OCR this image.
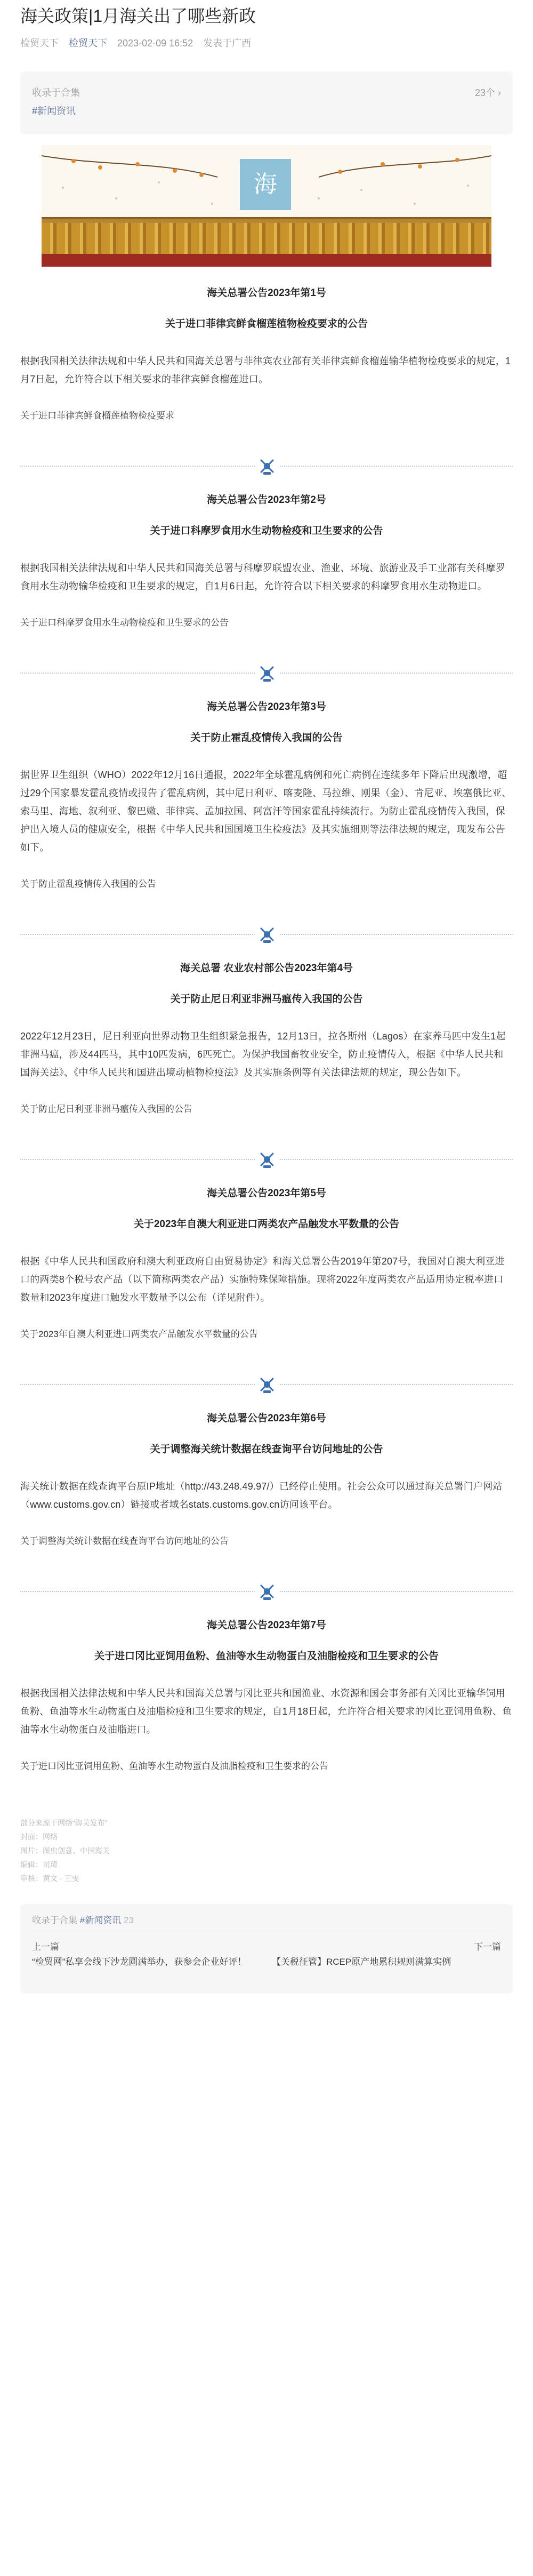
海关政策|1月海关出了哪些新政
检贸天下 检贸天下 2023-02-09 16:52 发表于广西
收录于合集
#新闻资讯
23个 ›
海
海关总署公告2023年第1号
关于进口菲律宾鲜食榴莲植物检疫要求的公告
根据我国相关法律法规和中华人民共和国海关总署与菲律宾农业部有关菲律宾鲜食榴莲输华植物检疫要求的规定，1月7日起，允许符合以下相关要求的菲律宾鲜食榴莲进口。
关于进口菲律宾鲜食榴莲植物检疫要求
海关总署公告2023年第2号
关于进口科摩罗食用水生动物检疫和卫生要求的公告
根据我国相关法律法规和中华人民共和国海关总署与科摩罗联盟农业、渔业、环境、旅游业及手工业部有关科摩罗食用水生动物输华检疫和卫生要求的规定，自1月6日起，允许符合以下相关要求的科摩罗食用水生动物进口。
关于进口科摩罗食用水生动物检疫和卫生要求的公告
海关总署公告2023年第3号
关于防止霍乱疫情传入我国的公告
据世界卫生组织（WHO）2022年12月16日通报，2022年全球霍乱病例和死亡病例在连续多年下降后出现激增，超过29个国家暴发霍乱疫情或报告了霍乱病例，其中尼日利亚、喀麦隆、马拉维、刚果（金）、肯尼亚、埃塞俄比亚、索马里、海地、叙利亚、黎巴嫩、菲律宾、孟加拉国、阿富汗等国家霍乱持续流行。为防止霍乱疫情传入我国，保护出入境人员的健康安全，根据《中华人民共和国国境卫生检疫法》及其实施细则等法律法规的规定，现发布公告如下。
关于防止霍乱疫情传入我国的公告
海关总署 农业农村部公告2023年第4号
关于防止尼日利亚非洲马瘟传入我国的公告
2022年12月23日，尼日利亚向世界动物卫生组织紧急报告，12月13日，拉各斯州（Lagos）在家养马匹中发生1起非洲马瘟，涉及44匹马，其中10匹发病，6匹死亡。为保护我国畜牧业安全，防止疫情传入，根据《中华人民共和国海关法》、《中华人民共和国进出境动植物检疫法》及其实施条例等有关法律法规的规定，现公告如下。
关于防止尼日利亚非洲马瘟传入我国的公告
海关总署公告2023年第5号
关于2023年自澳大利亚进口两类农产品触发水平数量的公告
根据《中华人民共和国政府和澳大利亚政府自由贸易协定》和海关总署公告2019年第207号，我国对自澳大利亚进口的两类8个税号农产品（以下简称两类农产品）实施特殊保障措施。现将2022年度两类农产品适用协定税率进口数量和2023年度进口触发水平数量予以公布（详见附件）。
关于2023年自澳大利亚进口两类农产品触发水平数量的公告
海关总署公告2023年第6号
关于调整海关统计数据在线查询平台访问地址的公告
海关统计数据在线查询平台原IP地址（http://43.248.49.97/）已经停止使用。社会公众可以通过海关总署门户网站（www.customs.gov.cn）链接或者域名stats.customs.gov.cn访问该平台。
关于调整海关统计数据在线查询平台访问地址的公告
海关总署公告2023年第7号
关于进口冈比亚饲用鱼粉、鱼油等水生动物蛋白及油脂检疫和卫生要求的公告
根据我国相关法律法规和中华人民共和国海关总署与冈比亚共和国渔业、水资源和国会事务部有关冈比亚输华饲用鱼粉、鱼油等水生动物蛋白及油脂检疫和卫生要求的规定，自1月18日起，允许符合相关要求的冈比亚饲用鱼粉、鱼油等水生动物蛋白及油脂进口。
关于进口冈比亚饲用鱼粉、鱼油等水生动物蛋白及油脂检疫和卫生要求的公告
部分来源于网络“海关发布”
封面：网络
图片：图虫创意、中国海关
编辑：司琦
审核：黄文 · 王雯
收录于合集 #新闻资讯 23
上一篇	下一篇
“检贸网”私享会线下沙龙圆满举办，获参会企业好评！	【关税征管】RCEP原产地累积规则满算实例
